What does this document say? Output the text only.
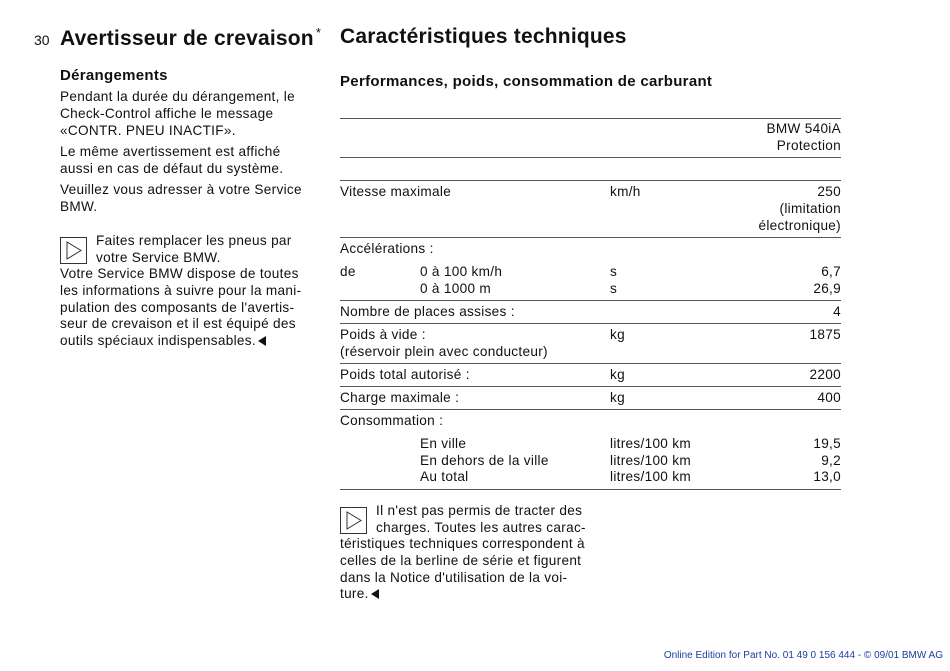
30 Avertisseur de crevaison *
Dérangements
Pendant la durée du dérangement, le
Check-Control affiche le message
«CONTR. PNEU INACTIF».
Le même avertissement est affiché
aussi en cas de défaut du système.
Veuillez vous adresser à votre Service
BMW.
Faites remplacer les pneus par
votre Service BMW.
Votre Service BMW dispose de toutes
les informations à suivre pour la mani-
pulation des composants de l'avertis-
seur de crevaison et il est équipé des
outils spéciaux indispensables.
Caractéristiques techniques
Performances, poids, consommation de carburant
BMW 540iA
Protection
Vitesse maximale	km/h	250
(limitation
électronique)
Accélérations :
de	0 à 100 km/h	s	6,7
0 à 1000 m	s	26,9
Nombre de places assises :	4
Poids à vide :
(réservoir plein avec conducteur)
kg	1875
Poids total autorisé :	kg	2200
Charge maximale :	kg	400
Consommation :
En ville	litres/100 km	19,5
En dehors de la ville	litres/100 km	9,2
Au total	litres/100 km	13,0
Il n'est pas permis de tracter des
charges. Toutes les autres carac-
téristiques techniques correspondent à
celles de la berline de série et figurent
dans la Notice d'utilisation de la voi-
ture.
Online Edition for Part No. 01 49 0 156 444 - © 09/01 BMW AG
